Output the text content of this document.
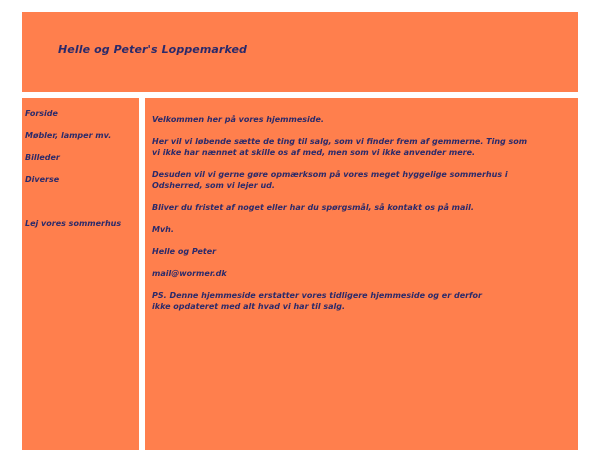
Helle og Peter's Loppemarked
Forside
Møbler, lamper mv.
Billeder
Diverse
Lej vores sommerhus

Velkommen her på vores hjemmeside.

Her vil vi løbende sætte de ting til salg, som vi finder frem af gemmerne. Ting som
vi ikke har nænnet at skille os af med, men som vi ikke anvender mere.

Desuden vil vi gerne gøre opmærksom på vores meget hyggelige sommerhus i
Odsherred, som vi lejer ud.

Bliver du fristet af noget eller har du spørgsmål, så kontakt os på mail.

Mvh.

Helle og Peter

mail@wormer.dk

PS. Denne hjemmeside erstatter vores tidligere hjemmeside og er derfor
ikke opdateret med alt hvad vi har til salg.
